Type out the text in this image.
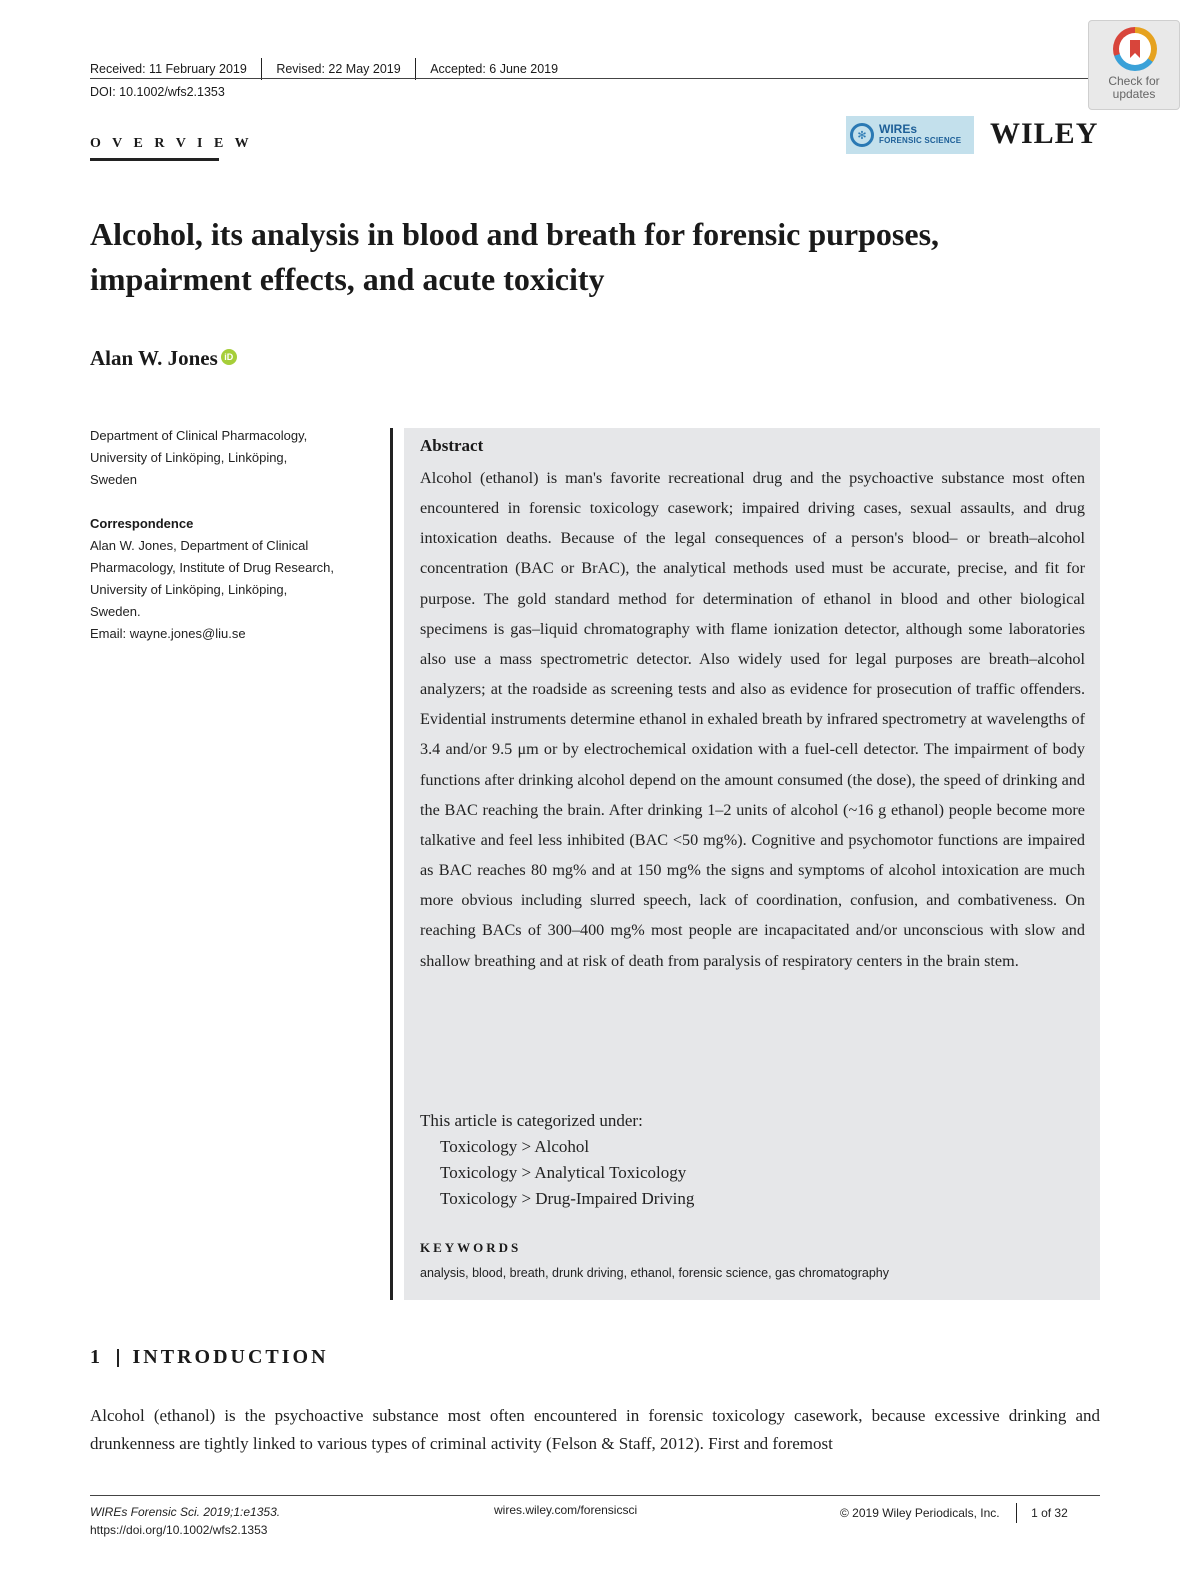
Received: 11 February 2019 Revised: 22 May 2019 Accepted: 6 June 2019
DOI: 10.1002/wfs2.1353
Check for updates
O V E R V I E W
✻	WIREs
FORENSIC SCIENCE WILEY
Alcohol, its analysis in blood and breath for forensic purposes,
impairment effects, and acute toxicity
Alan W. Jones iD
Department of Clinical Pharmacology,
University of Linköping, Linköping,
Sweden
Correspondence
Alan W. Jones, Department of Clinical
Pharmacology, Institute of Drug Research,
University of Linköping, Linköping,
Sweden.
Email: wayne.jones@liu.se
Abstract
Alcohol (ethanol) is man's favorite recreational drug and the psychoactive substance most often encountered in forensic toxicology casework; impaired driving cases, sexual assaults, and drug intoxication deaths. Because of the legal consequences of a person's blood– or breath–alcohol concentration (BAC or BrAC), the analytical methods used must be accurate, precise, and fit for purpose. The gold standard method for determination of ethanol in blood and other biological specimens is gas–liquid chromatography with flame ionization detector, although some laboratories also use a mass spectrometric detector. Also widely used for legal purposes are breath–alcohol analyzers; at the roadside as screening tests and also as evidence for prosecution of traffic offenders. Evidential instruments determine ethanol in exhaled breath by infrared spectrometry at wavelengths of 3.4 and/or 9.5 μm or by electrochemical oxidation with a fuel-cell detector. The impairment of body functions after drinking alcohol depend on the amount consumed (the dose), the speed of drinking and the BAC reaching the brain. After drinking 1–2 units of alcohol (~16 g ethanol) people become more talkative and feel less inhibited (BAC <50 mg%). Cognitive and psychomotor functions are impaired as BAC reaches 80 mg% and at 150 mg% the signs and symptoms of alcohol intoxication are much more obvious including slurred speech, lack of coordination, confusion, and combativeness. On reaching BACs of 300–400 mg% most people are incapacitated and/or unconscious with slow and shallow breathing and at risk of death from paralysis of respiratory centers in the brain stem.
This article is categorized under:
Toxicology > Alcohol
Toxicology > Analytical Toxicology
Toxicology > Drug-Impaired Driving
KEYWORDS
analysis, blood, breath, drunk driving, ethanol, forensic science, gas chromatography
1 INTRODUCTION
Alcohol (ethanol) is the psychoactive substance most often encountered in forensic toxicology casework, because excessive drinking and drunkenness are tightly linked to various types of criminal activity (Felson & Staff, 2012). First and foremost
WIREs Forensic Sci. 2019;1:e1353.
https://doi.org/10.1002/wfs2.1353
wires.wiley.com/forensicsci	© 2019 Wiley Periodicals, Inc.	1 of 32
